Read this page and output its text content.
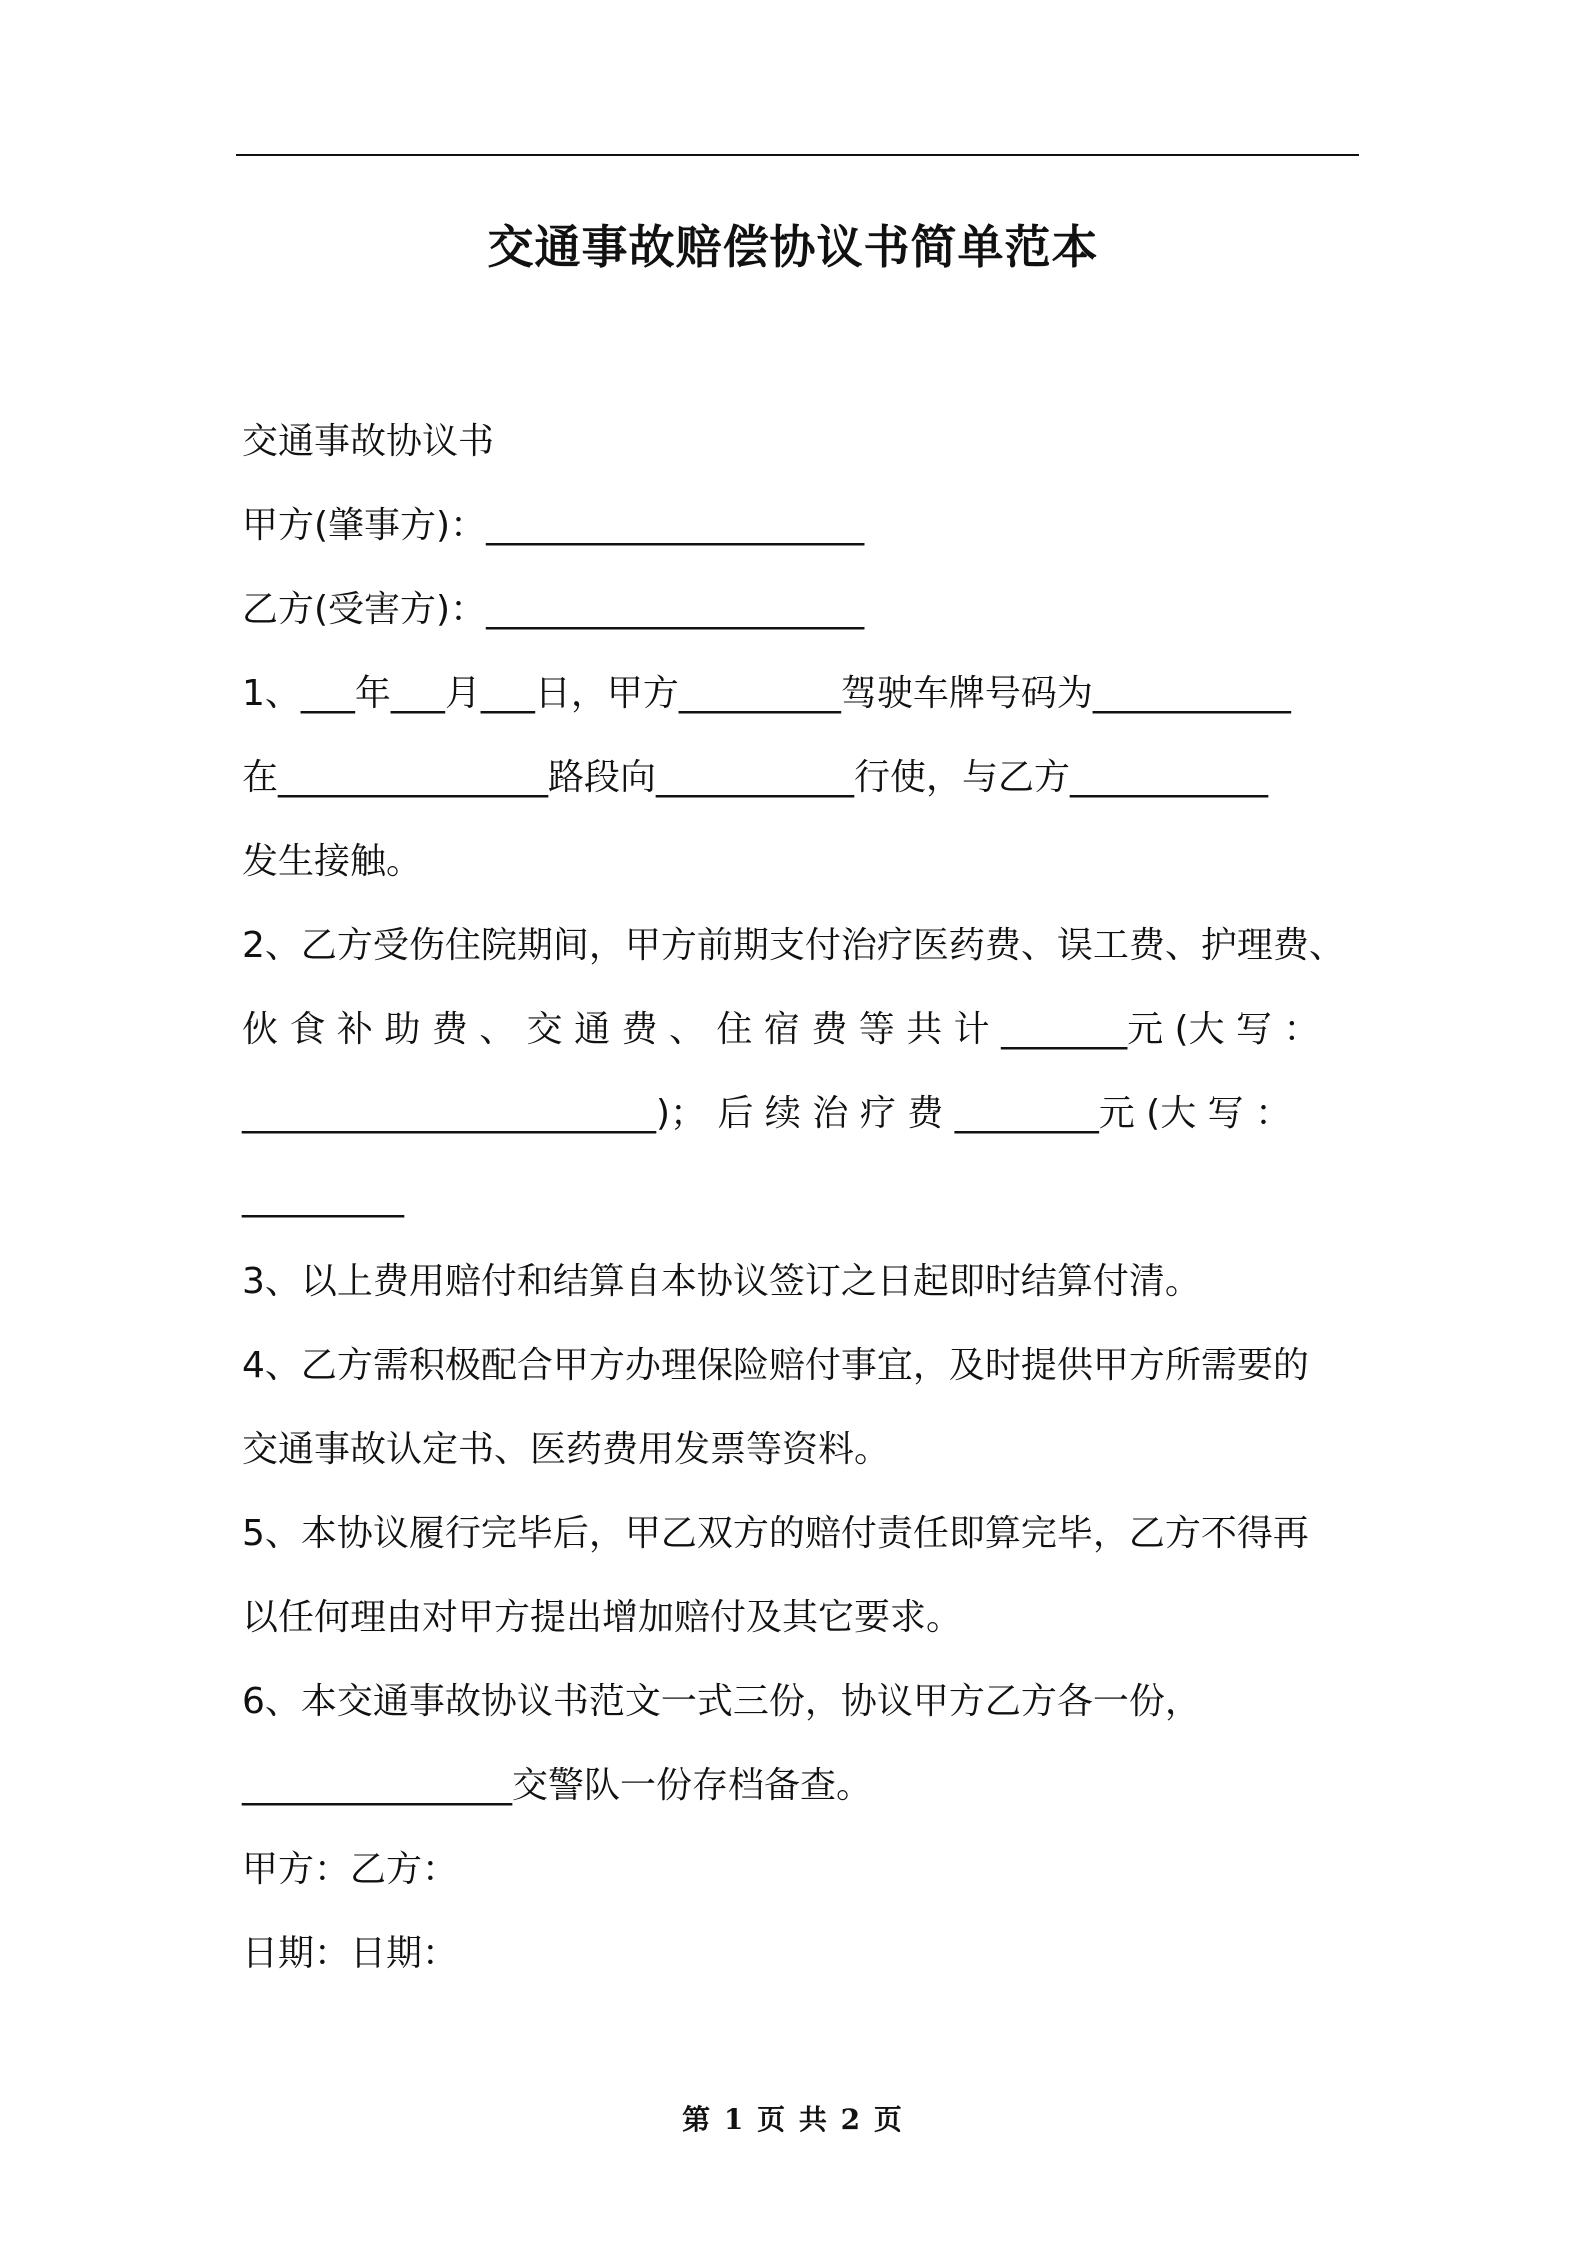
交通事故赔偿协议书简单范本
交通事故协议书
甲方(肇事方)：_____________________
乙方(受害方)：_____________________
1、___年___月___日，甲方_________驾驶车牌号码为___________
在_______________路段向___________行使，与乙方___________
发生接触。
2、乙方受伤住院期间，甲方前期支付治疗医药费、误工费、护理费、
伙 食 补 助 费 、 交 通 费 、 住 宿 费 等 共 计 _______元 (大 写 ：
_______________________)； 后 续 治 疗 费 ________元 (大 写 ：
_________
3、以上费用赔付和结算自本协议签订之日起即时结算付清。
4、乙方需积极配合甲方办理保险赔付事宜，及时提供甲方所需要的
交通事故认定书、医药费用发票等资料。
5、本协议履行完毕后，甲乙双方的赔付责任即算完毕，乙方不得再
以任何理由对甲方提出增加赔付及其它要求。
6、本交通事故协议书范文一式三份，协议甲方乙方各一份，
_______________交警队一份存档备查。
甲方：乙方：
日期：日期：
第 1 页 共 2 页
